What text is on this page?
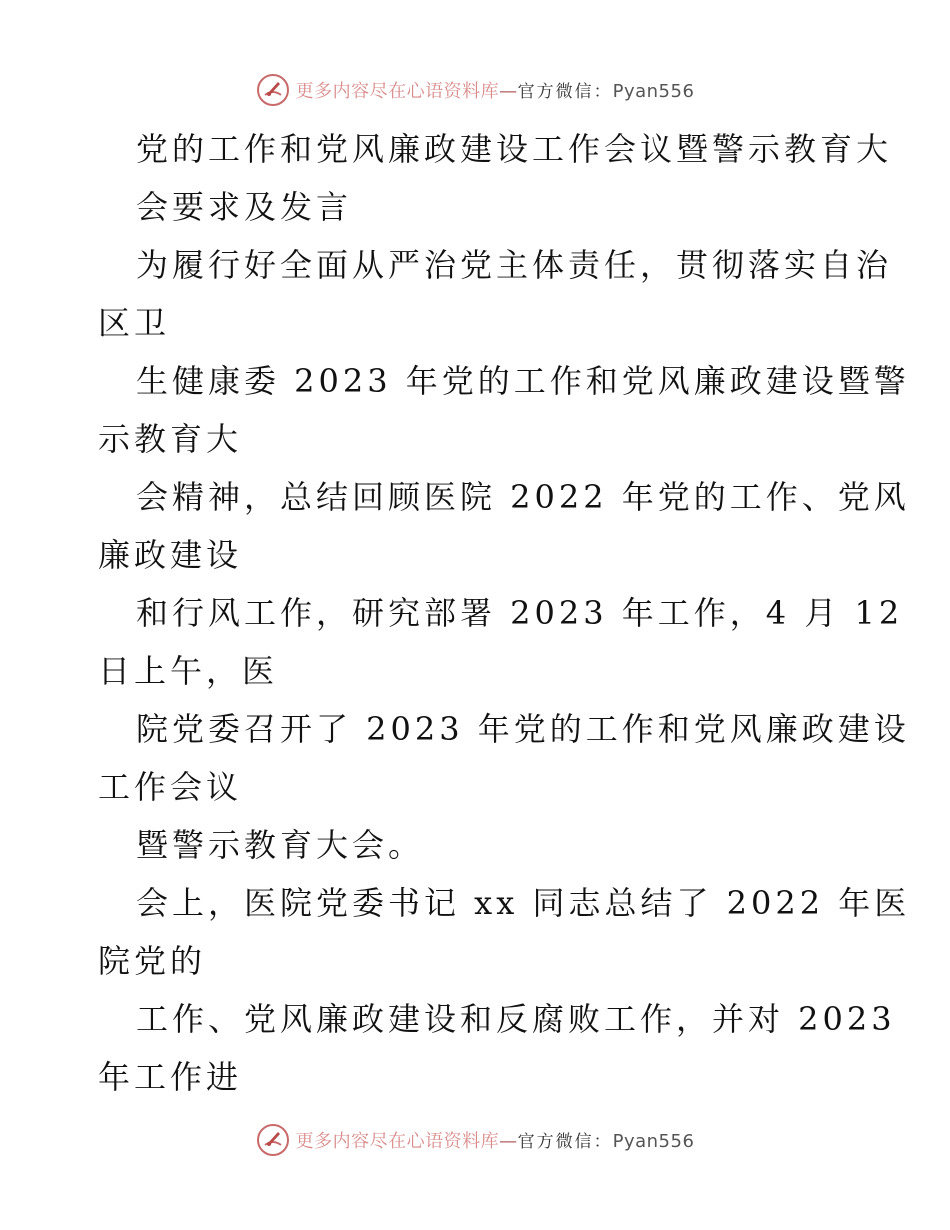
更多内容尽在心语资料库—官方微信：Pyan556
党的工作和党风廉政建设工作会议暨警示教育大
会要求及发言
为履行好全面从严治党主体责任，贯彻落实自治
区卫
生健康委 2023 年党的工作和党风廉政建设暨警
示教育大
会精神，总结回顾医院 2022 年党的工作、党风
廉政建设
和行风工作，研究部署 2023 年工作，4 月 12
日上午，医
院党委召开了 2023 年党的工作和党风廉政建设
工作会议
暨警示教育大会。
会上，医院党委书记 xx 同志总结了 2022 年医
院党的
工作、党风廉政建设和反腐败工作，并对 2023
年工作进
更多内容尽在心语资料库—官方微信：Pyan556
